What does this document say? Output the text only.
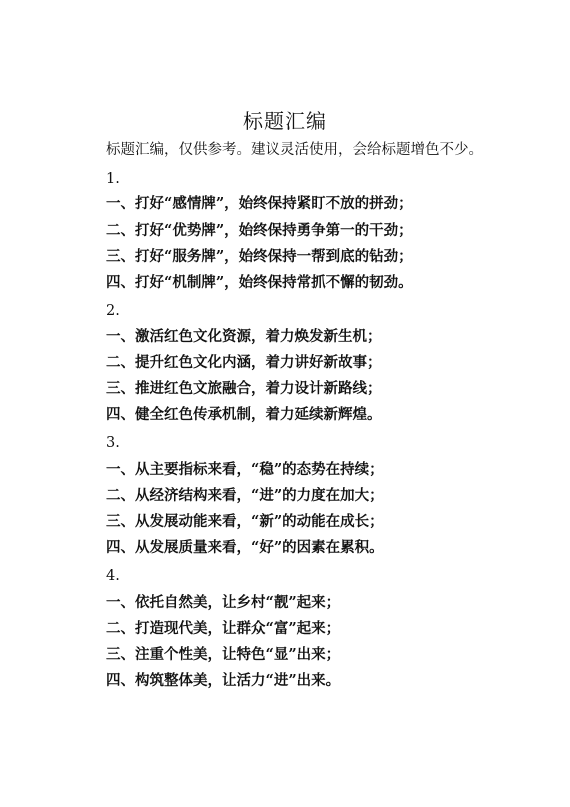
标题汇编
标题汇编，仅供参考。建议灵活使用，会给标题增色不少。
1.
一、打好“感情牌”，始终保持紧盯不放的拼劲；
二、打好“优势牌”，始终保持勇争第一的干劲；
三、打好“服务牌”，始终保持一帮到底的钻劲；
四、打好“机制牌”，始终保持常抓不懈的韧劲。
2.
一、激活红色文化资源，着力焕发新生机；
二、提升红色文化内涵，着力讲好新故事；
三、推进红色文旅融合，着力设计新路线；
四、健全红色传承机制，着力延续新辉煌。
3.
一、从主要指标来看，“稳”的态势在持续；
二、从经济结构来看，“进”的力度在加大；
三、从发展动能来看，“新”的动能在成长；
四、从发展质量来看，“好”的因素在累积。
4.
一、依托自然美，让乡村“靓”起来；
二、打造现代美，让群众“富”起来；
三、注重个性美，让特色“显”出来；
四、构筑整体美，让活力“进”出来。
